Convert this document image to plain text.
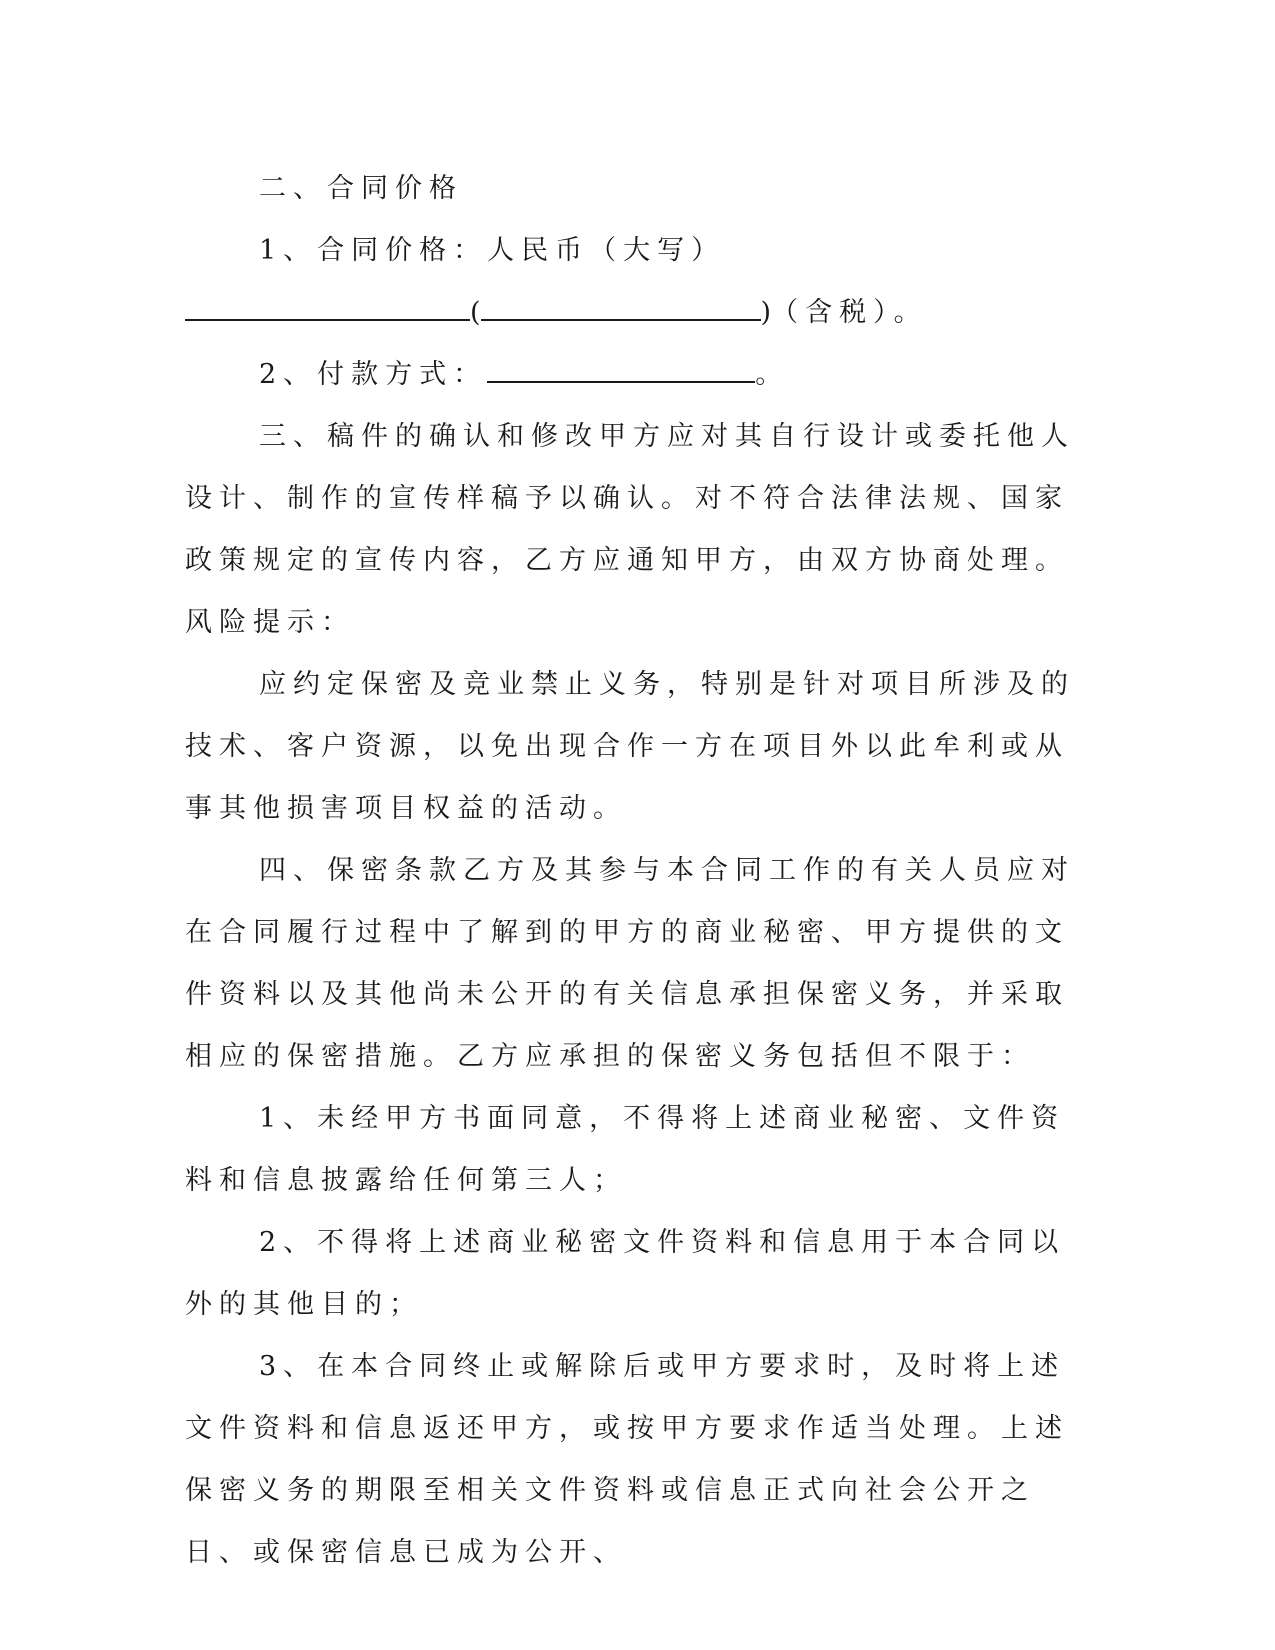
二、合同价格

1、合同价格：人民币（大写）

(	)（含税）。

2、付款方式：	。

三、稿件的确认和修改甲方应对其自行设计或委托他人设计、制作的宣传样稿予以确认。对不符合法律法规、国家政策规定的宣传内容，乙方应通知甲方，由双方协商处理。风险提示：

应约定保密及竞业禁止义务，特别是针对项目所涉及的技术、客户资源，以免出现合作一方在项目外以此牟利或从事其他损害项目权益的活动。

四、保密条款乙方及其参与本合同工作的有关人员应对在合同履行过程中了解到的甲方的商业秘密、甲方提供的文件资料以及其他尚未公开的有关信息承担保密义务，并采取相应的保密措施。乙方应承担的保密义务包括但不限于：

1、未经甲方书面同意，不得将上述商业秘密、文件资料和信息披露给任何第三人；

2、不得将上述商业秘密文件资料和信息用于本合同以外的其他目的；

3、在本合同终止或解除后或甲方要求时，及时将上述文件资料和信息返还甲方，或按甲方要求作适当处理。上述保密义务的期限至相关文件资料或信息正式向社会公开之日、或保密信息已成为公开、
